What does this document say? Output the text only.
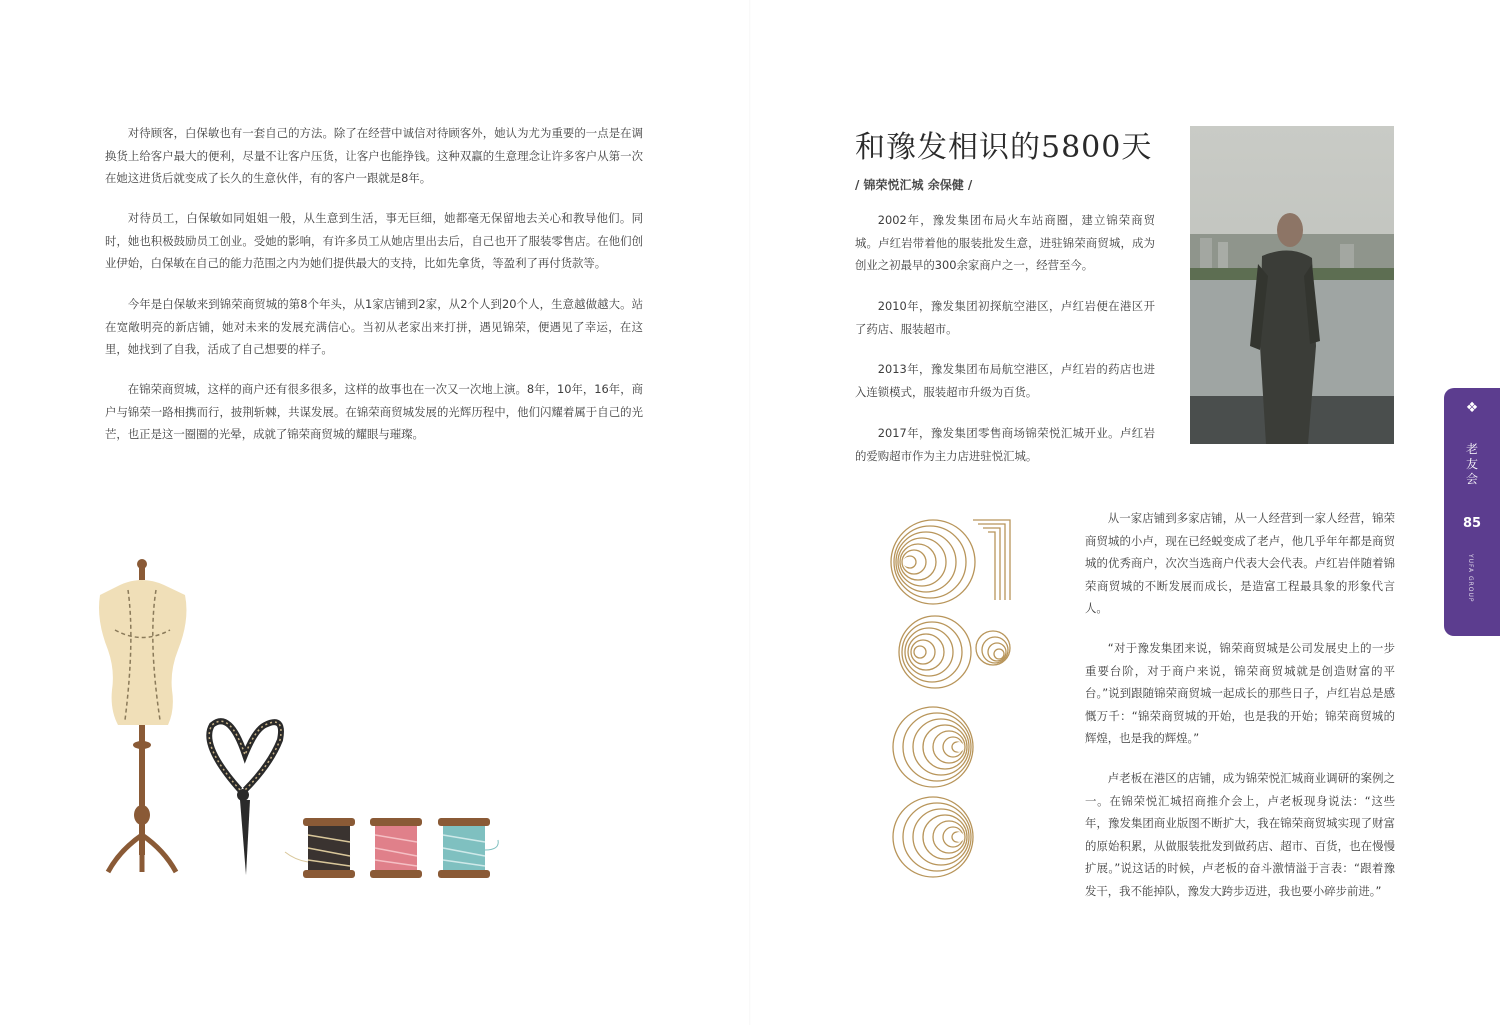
对待顾客，白保敏也有一套自己的方法。除了在经营中诚信对待顾客外，她认为尤为重要的一点是在调换货上给客户最大的便利，尽量不让客户压货，让客户也能挣钱。这种双赢的生意理念让许多客户从第一次在她这进货后就变成了长久的生意伙伴，有的客户一跟就是8年。

对待员工，白保敏如同姐姐一般，从生意到生活，事无巨细，她都毫无保留地去关心和教导他们。同时，她也积极鼓励员工创业。受她的影响，有许多员工从她店里出去后，自己也开了服装零售店。在他们创业伊始，白保敏在自己的能力范围之内为她们提供最大的支持，比如先拿货，等盈利了再付货款等。

今年是白保敏来到锦荣商贸城的第8个年头，从1家店铺到2家，从2个人到20个人，生意越做越大。站在宽敞明亮的新店铺，她对未来的发展充满信心。当初从老家出来打拼，遇见锦荣，便遇见了幸运，在这里，她找到了自我，活成了自己想要的样子。

在锦荣商贸城，这样的商户还有很多很多，这样的故事也在一次又一次地上演。8年，10年，16年，商户与锦荣一路相携而行，披荆斩棘，共谋发展。在锦荣商贸城发展的光辉历程中，他们闪耀着属于自己的光芒，也正是这一圈圈的光晕，成就了锦荣商贸城的耀眼与璀璨。

和豫发相识的5800天
/ 锦荣悦汇城 余保健 /

2002年，豫发集团布局火车站商圈，建立锦荣商贸城。卢红岩带着他的服装批发生意，进驻锦荣商贸城，成为创业之初最早的300余家商户之一，经营至今。

2010年，豫发集团初探航空港区，卢红岩便在港区开了药店、服装超市。

2013年，豫发集团布局航空港区，卢红岩的药店也进入连锁模式，服装超市升级为百货。

2017年，豫发集团零售商场锦荣悦汇城开业。卢红岩的爱购超市作为主力店进驻悦汇城。

从一家店铺到多家店铺，从一人经营到一家人经营，锦荣商贸城的小卢，现在已经蜕变成了老卢，他几乎年年都是商贸城的优秀商户，次次当选商户代表大会代表。卢红岩伴随着锦荣商贸城的不断发展而成长，是造富工程最具象的形象代言人。

“对于豫发集团来说，锦荣商贸城是公司发展史上的一步重要台阶，对于商户来说，锦荣商贸城就是创造财富的平台。”说到跟随锦荣商贸城一起成长的那些日子，卢红岩总是感慨万千：“锦荣商贸城的开始，也是我的开始；锦荣商贸城的辉煌，也是我的辉煌。”

卢老板在港区的店铺，成为锦荣悦汇城商业调研的案例之一。在锦荣悦汇城招商推介会上，卢老板现身说法：“这些年，豫发集团商业版图不断扩大，我在锦荣商贸城实现了财富的原始积累，从做服装批发到做药店、超市、百货，也在慢慢扩展。”说这话的时候，卢老板的奋斗激情溢于言表：“跟着豫发干，我不能掉队，豫发大跨步迈进，我也要小碎步前进。”

❖
老友会
85
YUFA GROUP
